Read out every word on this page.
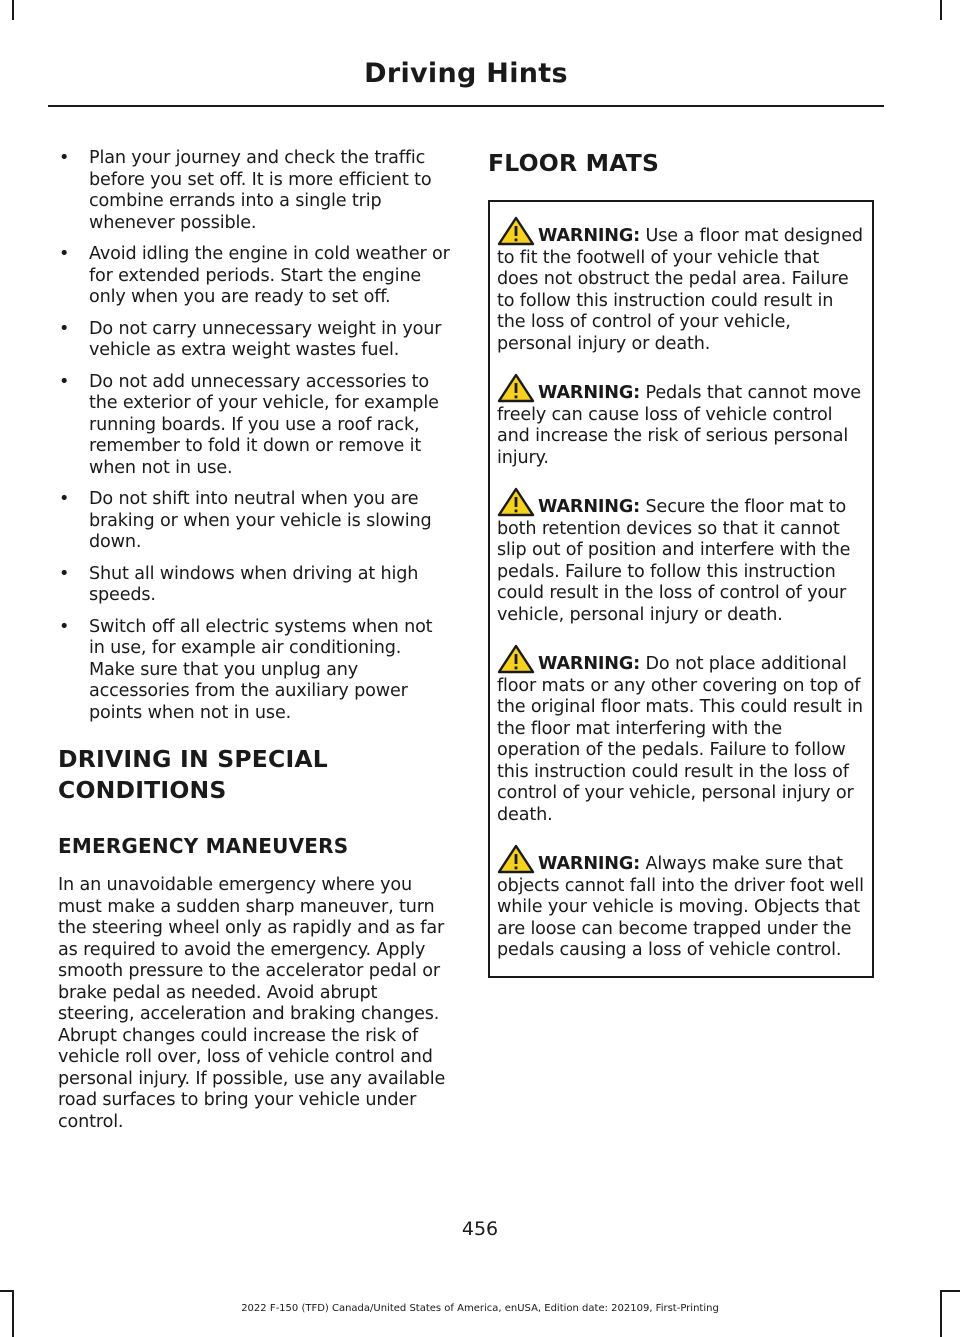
Driving Hints
• Plan your journey and check the traffic before you set off. It is more efficient to combine errands into a single trip whenever possible.
• Avoid idling the engine in cold weather or for extended periods. Start the engine only when you are ready to set off.
• Do not carry unnecessary weight in your vehicle as extra weight wastes fuel.
• Do not add unnecessary accessories to the exterior of your vehicle, for example running boards. If you use a roof rack, remember to fold it down or remove it when not in use.
• Do not shift into neutral when you are braking or when your vehicle is slowing down.
• Shut all windows when driving at high speeds.
• Switch off all electric systems when not in use, for example air conditioning. Make sure that you unplug any accessories from the auxiliary power points when not in use.
DRIVING IN SPECIAL
CONDITIONS
EMERGENCY MANEUVERS

In an unavoidable emergency where you must make a sudden sharp maneuver, turn the steering wheel only as rapidly and as far as required to avoid the emergency. Apply smooth pressure to the accelerator pedal or brake pedal as needed. Avoid abrupt steering, acceleration and braking changes. Abrupt changes could increase the risk of vehicle roll over, loss of vehicle control and personal injury. If possible, use any available road surfaces to bring your vehicle under control.

FLOOR MATS
WARNING: Use a floor mat designed to fit the footwell of your vehicle that does not obstruct the pedal area. Failure to follow this instruction could result in the loss of control of your vehicle, personal injury or death.
WARNING: Pedals that cannot move freely can cause loss of vehicle control and increase the risk of serious personal injury.
WARNING: Secure the floor mat to both retention devices so that it cannot slip out of position and interfere with the pedals. Failure to follow this instruction could result in the loss of control of your vehicle, personal injury or death.
WARNING: Do not place additional floor mats or any other covering on top of the original floor mats. This could result in the floor mat interfering with the operation of the pedals. Failure to follow this instruction could result in the loss of control of your vehicle, personal injury or death.
WARNING: Always make sure that objects cannot fall into the driver foot well while your vehicle is moving. Objects that are loose can become trapped under the pedals causing a loss of vehicle control.
456
2022 F-150 (TFD) Canada/United States of America, enUSA, Edition date: 202109, First-Printing
